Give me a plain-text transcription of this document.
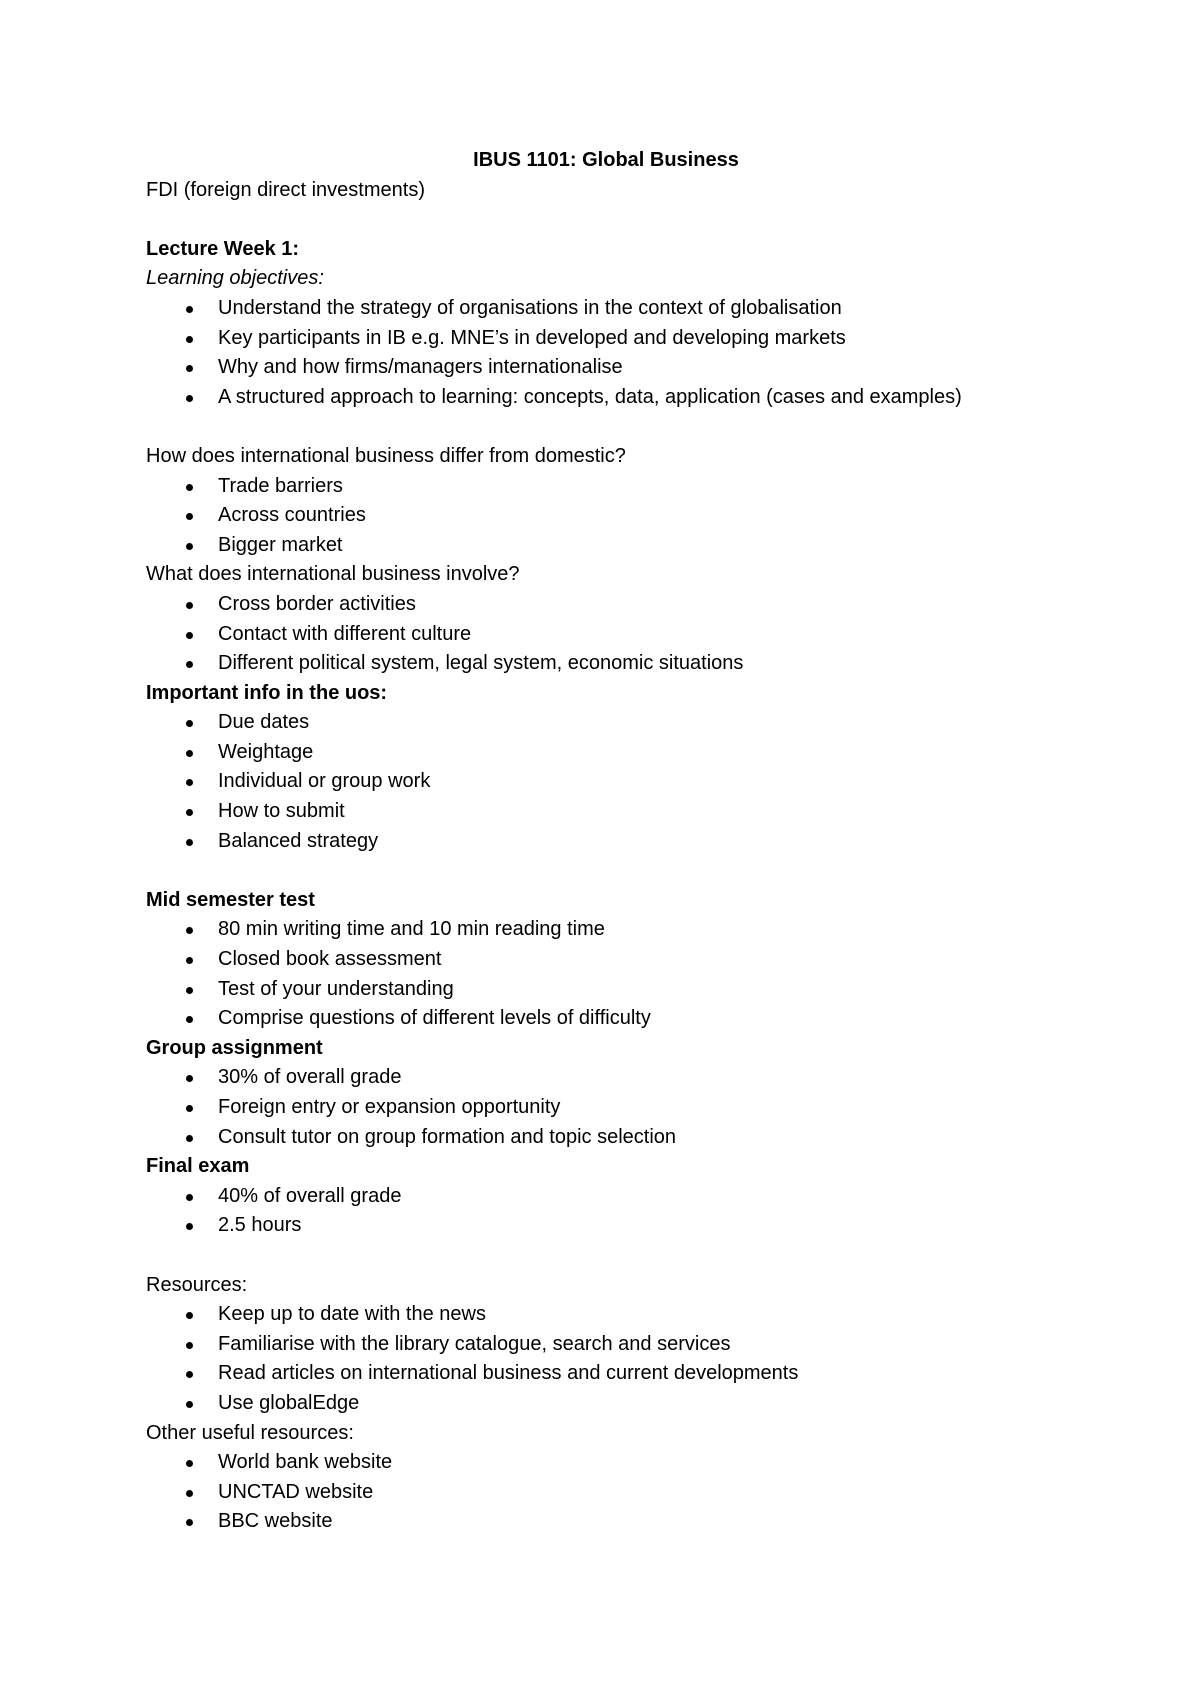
IBUS 1101: Global Business

FDI (foreign direct investments)

Lecture Week 1:

Learning objectives:

Understand the strategy of organisations in the context of globalisation
Key participants in IB e.g. MNE’s in developed and developing markets
Why and how firms/managers internationalise
A structured approach to learning: concepts, data, application (cases and examples)

How does international business differ from domestic?

Trade barriers
Across countries
Bigger market

What does international business involve?

Cross border activities
Contact with different culture
Different political system, legal system, economic situations

Important info in the uos:

Due dates
Weightage
Individual or group work
How to submit
Balanced strategy

Mid semester test

80 min writing time and 10 min reading time
Closed book assessment
Test of your understanding
Comprise questions of different levels of difficulty

Group assignment

30% of overall grade
Foreign entry or expansion opportunity
Consult tutor on group formation and topic selection

Final exam

40% of overall grade
2.5 hours

Resources:

Keep up to date with the news
Familiarise with the library catalogue, search and services
Read articles on international business and current developments
Use globalEdge

Other useful resources:

World bank website
UNCTAD website
BBC website
